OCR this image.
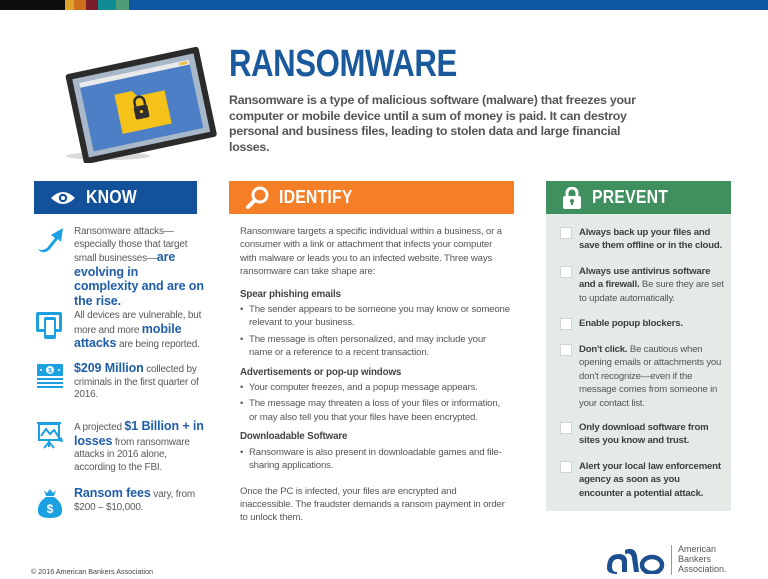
RANSOMWARE
Ransomware is a type of malicious software (malware) that freezes your computer or mobile device until a sum of money is paid. It can destroy personal and business files, leading to stolen data and large financial losses.
KNOW
Ransomware attacks— especially those that target small businesses—are evolving in complexity and are on the rise.
All devices are vulnerable, but more and more mobile attacks are being reported.
$ $209 Million collected by criminals in the first quarter of 2016.
A projected $1 Billion + in losses from ransomware attacks in 2016 alone, according to the FBI.
$
Ransom fees vary, from $200 – $10,000.
IDENTIFY

Ransomware targets a specific individual within a business, or a consumer with a link or attachment that infects your computer with malware or leads you to an infected website. Three ways ransomware can take shape are:

Spear phishing emails
• The sender appears to be someone you may know or someone relevant to your business.
• The message is often personalized, and may include your name or a reference to a recent transaction.
Advertisements or pop-up windows
• Your computer freezes, and a popup message appears.
• The message may threaten a loss of your files or information, or may also tell you that your files have been encrypted.
Downloadable Software
• Ransomware is also present in downloadable games and file-sharing applications.

Once the PC is infected, your files are encrypted and inaccessible. The fraudster demands a ransom payment in order to unlock them.

PREVENT
Always back up your files and save them offline or in the cloud.
Always use antivirus software and a firewall. Be sure they are set to update automatically.
Enable popup blockers.
Don't click. Be cautious when opening emails or attachments you don't recognize—even if the message comes from someone in your contact list.
Only download software from sites you know and trust.
Alert your local law enforcement agency as soon as you encounter a potential attack.
© 2016 American Bankers Association
American
Bankers
Association.
